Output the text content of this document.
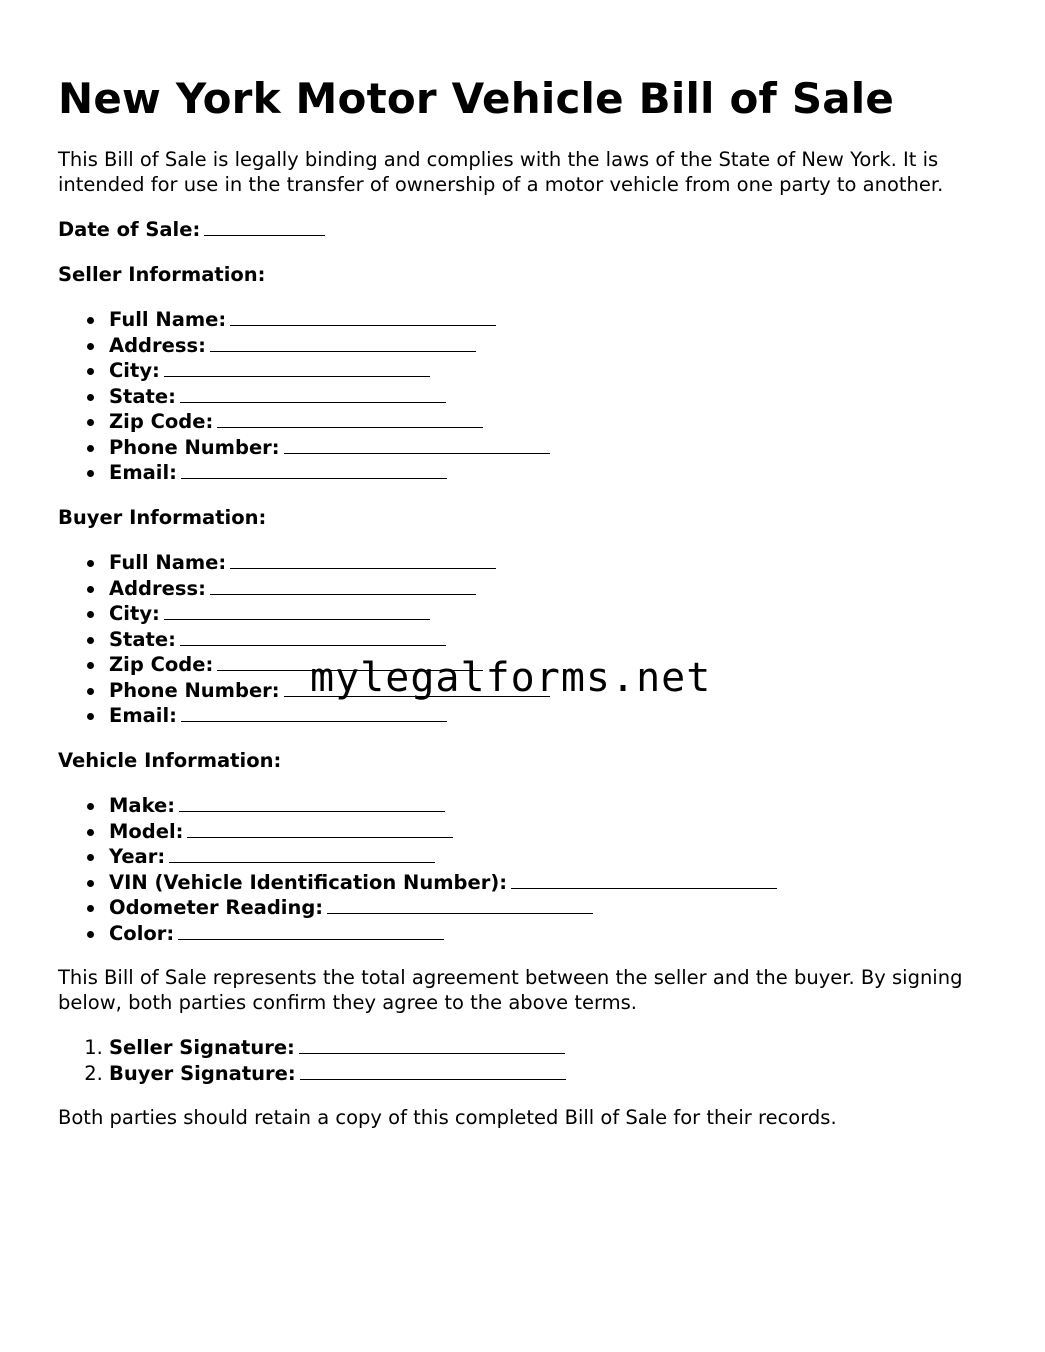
New York Motor Vehicle Bill of Sale

This Bill of Sale is legally binding and complies with the laws of the State of New York. It is intended for use in the transfer of ownership of a motor vehicle from one party to another.

Date of Sale:

Seller Information:

Full Name:
Address:
City:
State:
Zip Code:
Phone Number:
Email:

Buyer Information:

Full Name:
Address:
City:
State:
Zip Code:
Phone Number:
Email:

Vehicle Information:

Make:
Model:
Year:
VIN (Vehicle Identification Number):
Odometer Reading:
Color:

This Bill of Sale represents the total agreement between the seller and the buyer. By signing below, both parties confirm they agree to the above terms.

1. Seller Signature:
2. Buyer Signature:

Both parties should retain a copy of this completed Bill of Sale for their records.

mylegalforms.net
